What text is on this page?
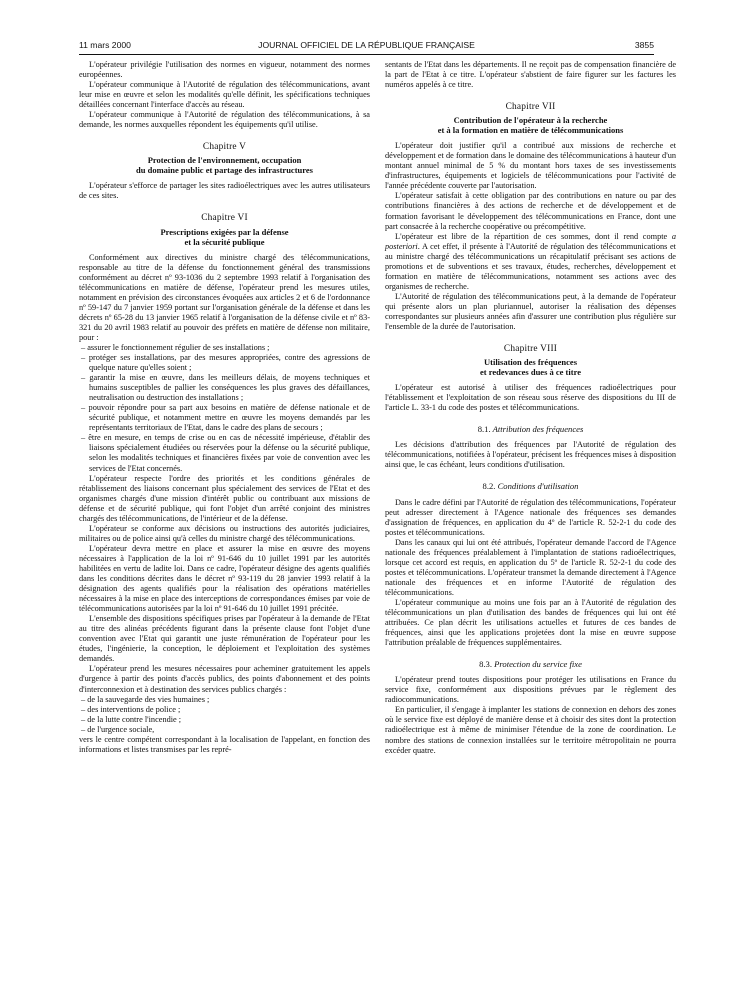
11 mars 2000	JOURNAL OFFICIEL DE LA RÉPUBLIQUE FRANÇAISE	3855

L'opérateur privilégie l'utilisation des normes en vigueur, notamment des normes européennes.

L'opérateur communique à l'Autorité de régulation des télécommunications, avant leur mise en œuvre et selon les modalités qu'elle définit, les spécifications techniques détaillées concernant l'interface d'accès au réseau.

L'opérateur communique à l'Autorité de régulation des télécommunications, à sa demande, les normes auxquelles répondent les équipements qu'il utilise.

Chapitre V
Protection de l'environnement, occupation
du domaine public et partage des infrastructures

L'opérateur s'efforce de partager les sites radioélectriques avec les autres utilisateurs de ces sites.

Chapitre VI
Prescriptions exigées par la défense
et la sécurité publique

Conformément aux directives du ministre chargé des télécommunications, responsable au titre de la défense du fonctionnement général des transmissions conformément au décret nº 93-1036 du 2 septembre 1993 relatif à l'organisation des télécommunications en matière de défense, l'opérateur prend les mesures utiles, notamment en prévision des circonstances évoquées aux articles 2 et 6 de l'ordonnance nº 59-147 du 7 janvier 1959 portant sur l'organisation générale de la défense et dans les décrets nº 65-28 du 13 janvier 1965 relatif à l'organisation de la défense civile et nº 83-321 du 20 avril 1983 relatif au pouvoir des préfets en matière de défense non militaire, pour :

– assurer le fonctionnement régulier de ses installations ;
– protéger ses installations, par des mesures appropriées, contre des agressions de quelque nature qu'elles soient ;
– garantir la mise en œuvre, dans les meilleurs délais, de moyens techniques et humains susceptibles de pallier les conséquences les plus graves des défaillances, neutralisation ou destruction des installations ;
– pouvoir répondre pour sa part aux besoins en matière de défense nationale et de sécurité publique, et notamment mettre en œuvre les moyens demandés par les représentants territoriaux de l'Etat, dans le cadre des plans de secours ;
– être en mesure, en temps de crise ou en cas de nécessité impérieuse, d'établir des liaisons spécialement étudiées ou réservées pour la défense ou la sécurité publique, selon les modalités techniques et financières fixées par voie de convention avec les services de l'Etat concernés.

L'opérateur respecte l'ordre des priorités et les conditions générales de rétablissement des liaisons concernant plus spécialement des services de l'Etat et des organismes chargés d'une mission d'intérêt public ou contribuant aux missions de défense et de sécurité publique, qui font l'objet d'un arrêté conjoint des ministres chargés des télécommunications, de l'intérieur et de la défense.

L'opérateur se conforme aux décisions ou instructions des autorités judiciaires, militaires ou de police ainsi qu'à celles du ministre chargé des télécommunications.

L'opérateur devra mettre en place et assurer la mise en œuvre des moyens nécessaires à l'application de la loi nº 91-646 du 10 juillet 1991 par les autorités habilitées en vertu de ladite loi. Dans ce cadre, l'opérateur désigne des agents qualifiés dans les conditions décrites dans le décret nº 93-119 du 28 janvier 1993 relatif à la désignation des agents qualifiés pour la réalisation des opérations matérielles nécessaires à la mise en place des interceptions de correspondances émises par voie de télécommunications autorisées par la loi nº 91-646 du 10 juillet 1991 précitée.

L'ensemble des dispositions spécifiques prises par l'opérateur à la demande de l'Etat au titre des alinéas précédents figurant dans la présente clause font l'objet d'une convention avec l'Etat qui garantit une juste rémunération de l'opérateur pour les études, l'ingénierie, la conception, le déploiement et l'exploitation des systèmes demandés.

L'opérateur prend les mesures nécessaires pour acheminer gratuitement les appels d'urgence à partir des points d'accès publics, des points d'abonnement et des points d'interconnexion et à destination des services publics chargés :

– de la sauvegarde des vies humaines ;
– des interventions de police ;
– de la lutte contre l'incendie ;
– de l'urgence sociale,

vers le centre compétent correspondant à la localisation de l'appelant, en fonction des informations et listes transmises par les repré-

sentants de l'Etat dans les départements. Il ne reçoit pas de compensation financière de la part de l'Etat à ce titre. L'opérateur s'abstient de faire figurer sur les factures les numéros appelés à ce titre.

Chapitre VII
Contribution de l'opérateur à la recherche
et à la formation en matière de télécommunications

L'opérateur doit justifier qu'il a contribué aux missions de recherche et développement et de formation dans le domaine des télécommunications à hauteur d'un montant annuel minimal de 5 % du montant hors taxes de ses investissements d'infrastructures, équipements et logiciels de télécommunications pour l'activité de l'année précédente couverte par l'autorisation.

L'opérateur satisfait à cette obligation par des contributions en nature ou par des contributions financières à des actions de recherche et de développement et de formation favorisant le développement des télécommunications en France, dont une part consacrée à la recherche coopérative ou précompétitive.

L'opérateur est libre de la répartition de ces sommes, dont il rend compte a posteriori. A cet effet, il présente à l'Autorité de régulation des télécommunications et au ministre chargé des télécommunications un récapitulatif précisant ses actions de promotions et de subventions et ses travaux, études, recherches, développement et formation en matière de télécommunications, notamment ses actions avec des organismes de recherche.

L'Autorité de régulation des télécommunications peut, à la demande de l'opérateur qui présente alors un plan pluriannuel, autoriser la réalisation des dépenses correspondantes sur plusieurs années afin d'assurer une contribution plus régulière sur l'ensemble de la durée de l'autorisation.

Chapitre VIII
Utilisation des fréquences
et redevances dues à ce titre

L'opérateur est autorisé à utiliser des fréquences radioélectriques pour l'établissement et l'exploitation de son réseau sous réserve des dispositions du III de l'article L. 33-1 du code des postes et télécommunications.

8.1. Attribution des fréquences

Les décisions d'attribution des fréquences par l'Autorité de régulation des télécommunications, notifiées à l'opérateur, précisent les fréquences mises à disposition ainsi que, le cas échéant, leurs conditions d'utilisation.

8.2. Conditions d'utilisation

Dans le cadre défini par l'Autorité de régulation des télécommunications, l'opérateur peut adresser directement à l'Agence nationale des fréquences ses demandes d'assignation de fréquences, en application du 4º de l'article R. 52-2-1 du code des postes et télécommunications.

Dans les canaux qui lui ont été attribués, l'opérateur demande l'accord de l'Agence nationale des fréquences préalablement à l'implantation de stations radioélectriques, lorsque cet accord est requis, en application du 5º de l'article R. 52-2-1 du code des postes et télécommunications. L'opérateur transmet la demande directement à l'Agence nationale des fréquences et en informe l'Autorité de régulation des télécommunications.

L'opérateur communique au moins une fois par an à l'Autorité de régulation des télécommunications un plan d'utilisation des bandes de fréquences qui lui ont été attribuées. Ce plan décrit les utilisations actuelles et futures de ces bandes de fréquences, ainsi que les applications projetées dont la mise en œuvre suppose l'attribution préalable de fréquences supplémentaires.

8.3. Protection du service fixe

L'opérateur prend toutes dispositions pour protéger les utilisations en France du service fixe, conformément aux dispositions prévues par le règlement des radiocommunications.

En particulier, il s'engage à implanter les stations de connexion en dehors des zones où le service fixe est déployé de manière dense et à choisir des sites dont la protection radioélectrique est à même de minimiser l'étendue de la zone de coordination. Le nombre des stations de connexion installées sur le territoire métropolitain ne pourra excéder quatre.
